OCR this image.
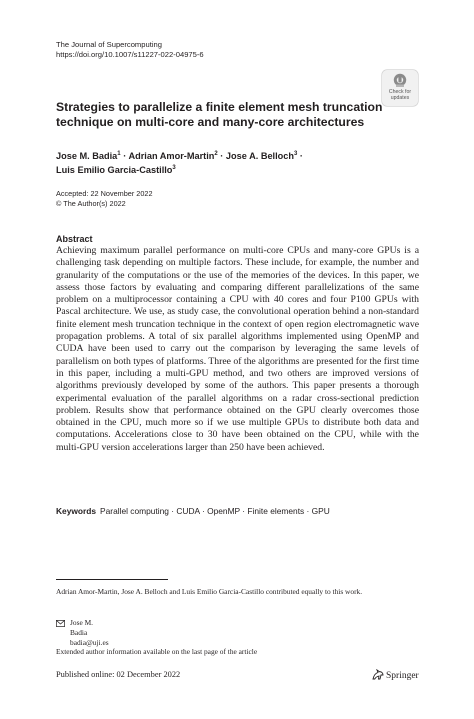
The Journal of Supercomputing
https://doi.org/10.1007/s11227-022-04975-6
Check for
updates
Strategies to parallelize a finite element mesh truncation technique on multi-core and many-core architectures
Jose M. Badia$^1$ · Adrian Amor-Martin$^2$ · Jose A. Belloch$^3$ ·
Luis Emilio Garcia-Castillo$^3$
Accepted: 22 November 2022
© The Author(s) 2022
Abstract

Achieving maximum parallel performance on multi-core CPUs and many-core GPUs is a challenging task depending on multiple factors. These include, for example, the number and granularity of the computations or the use of the memories of the devices. In this paper, we assess those factors by evaluating and comparing different parallelizations of the same problem on a multiprocessor containing a CPU with 40 cores and four P100 GPUs with Pascal architecture. We use, as study case, the convolutional operation behind a non-standard finite element mesh truncation technique in the context of open region electromagnetic wave propagation problems. A total of six parallel algorithms implemented using OpenMP and CUDA have been used to carry out the comparison by leveraging the same levels of parallelism on both types of platforms. Three of the algorithms are presented for the first time in this paper, including a multi-GPU method, and two others are improved versions of algorithms previously developed by some of the authors. This paper presents a thorough experimental evaluation of the parallel algorithms on a radar cross-sectional prediction problem. Results show that performance obtained on the GPU clearly overcomes those obtained in the CPU, much more so if we use multiple GPUs to distribute both data and computations. Accelerations close to 30 have been obtained on the CPU, while with the multi-GPU version accelerations larger than 250 have been achieved.

Keywords Parallel computing · CUDA · OpenMP · Finite elements · GPU
Adrian Amor-Martin, Jose A. Belloch and Luis Emilio Garcia-Castillo contributed equally to this work.
Jose M. Badia
badia@uji.es
Extended author information available on the last page of the article
Published online: 02 December 2022	Springer
